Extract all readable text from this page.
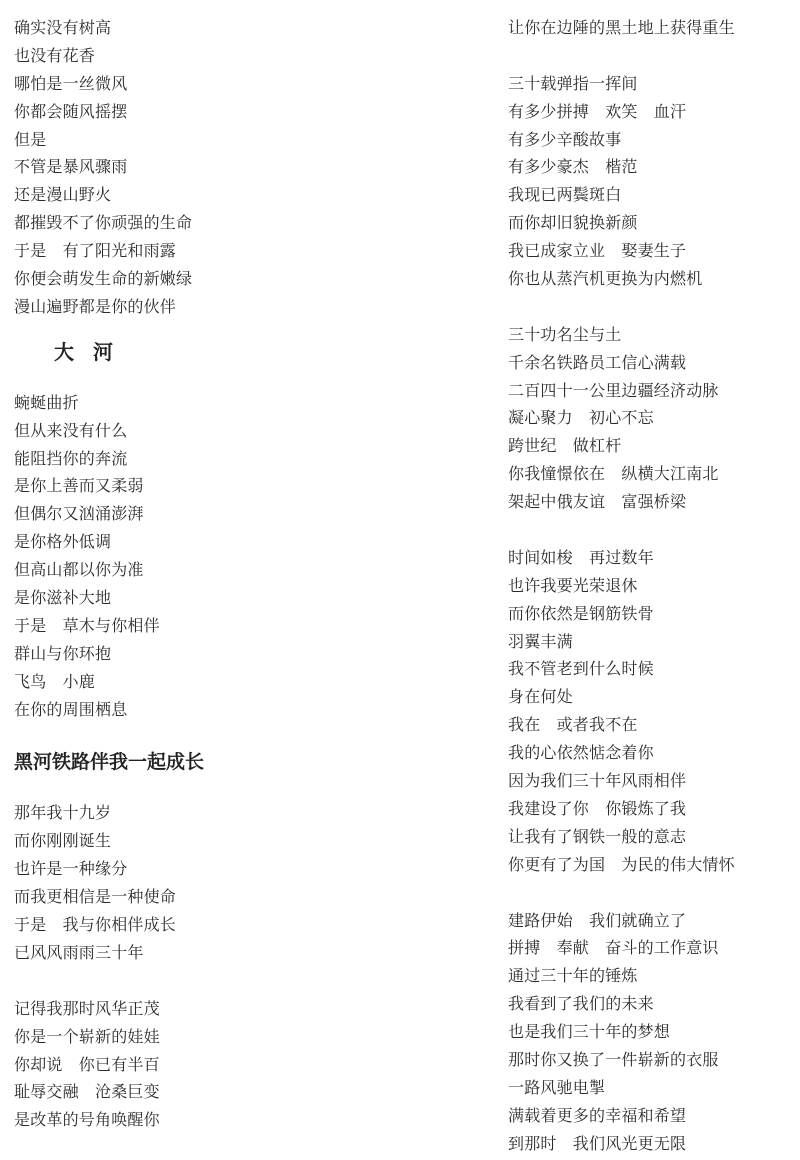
确实没有树高
也没有花香
哪怕是一丝微风
你都会随风摇摆
但是
不管是暴风骤雨
还是漫山野火
都摧毁不了你顽强的生命
于是　有了阳光和雨露
你便会萌发生命的新嫩绿
漫山遍野都是你的伙伴
大 河
蜿蜒曲折
但从来没有什么
能阻挡你的奔流
是你上善而又柔弱
但偶尔又汹涌澎湃
是你格外低调
但高山都以你为准
是你滋补大地
于是　草木与你相伴
群山与你环抱
飞鸟　小鹿
在你的周围栖息
黑河铁路伴我一起成长
那年我十九岁
而你刚刚诞生
也许是一种缘分
而我更相信是一种使命
于是　我与你相伴成长
已风风雨雨三十年
记得我那时风华正茂
你是一个崭新的娃娃
你却说　你已有半百
耻辱交融　沧桑巨变
是改革的号角唤醒你
让你在边陲的黑土地上获得重生
三十载弹指一挥间
有多少拼搏　欢笑　血汗
有多少辛酸故事
有多少豪杰　楷范
我现已两鬓斑白
而你却旧貌换新颜
我已成家立业　娶妻生子
你也从蒸汽机更换为内燃机
三十功名尘与土
千余名铁路员工信心满载
二百四十一公里边疆经济动脉
凝心聚力　初心不忘
跨世纪　做杠杆
你我憧憬依在　纵横大江南北
架起中俄友谊　富强桥梁
时间如梭　再过数年
也许我要光荣退休
而你依然是钢筋铁骨
羽翼丰满
我不管老到什么时候
身在何处
我在　或者我不在
我的心依然惦念着你
因为我们三十年风雨相伴
我建设了你　你锻炼了我
让我有了钢铁一般的意志
你更有了为国　为民的伟大情怀
建路伊始　我们就确立了
拼搏　奉献　奋斗的工作意识
通过三十年的锤炼
我看到了我们的未来
也是我们三十年的梦想
那时你又换了一件崭新的衣服
一路风驰电掣
满载着更多的幸福和希望
到那时　我们风光更无限
